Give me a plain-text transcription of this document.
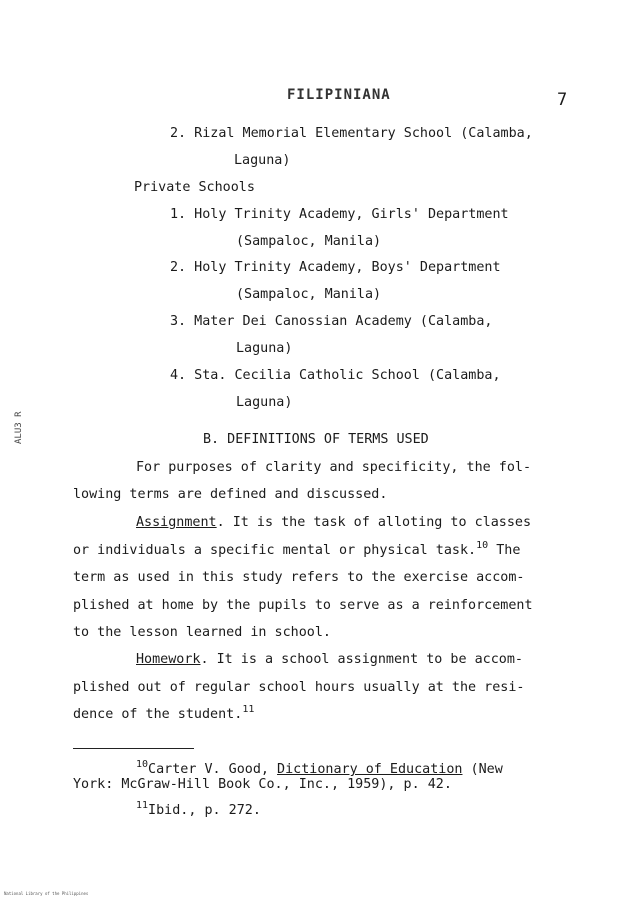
FILIPINIANA	7
2. Rizal Memorial Elementary School (Calamba,
Laguna)
Private Schools
1. Holy Trinity Academy, Girls' Department
(Sampaloc, Manila)
2. Holy Trinity Academy, Boys' Department
(Sampaloc, Manila)
3. Mater Dei Canossian Academy (Calamba,
Laguna)
4. Sta. Cecilia Catholic School (Calamba,
Laguna)
B. DEFINITIONS OF TERMS USED
For purposes of clarity and specificity, the fol-
lowing terms are defined and discussed.
Assignment. It is the task of alloting to classes
or individuals a specific mental or physical task.$^{10}$ The
term as used in this study refers to the exercise accom-
plished at home by the pupils to serve as a reinforcement
to the lesson learned in school.
Homework. It is a school assignment to be accom-
plished out of regular school hours usually at the resi-
dence of the student.$^{11}$
$^{10}$Carter V. Good, Dictionary of Education (New
York: McGraw-Hill Book Co., Inc., 1959), p. 42.
$^{11}$Ibid., p. 272.
ALU3 R
National Library of the Philippines
